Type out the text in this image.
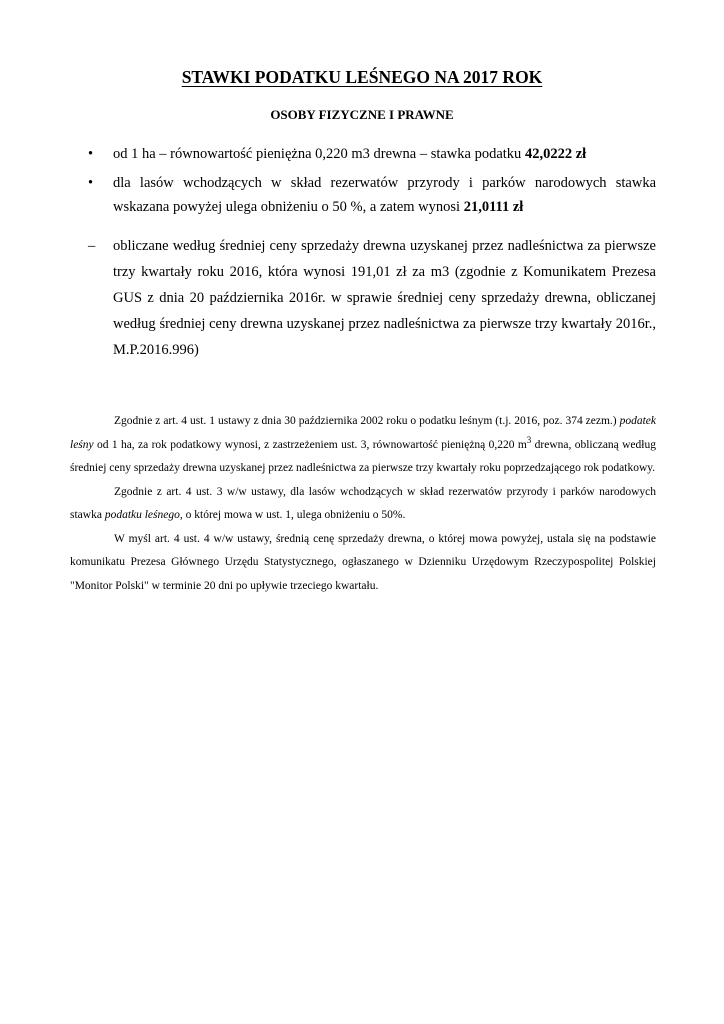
STAWKI PODATKU LEŚNEGO NA 2017 ROK
OSOBY FIZYCZNE I PRAWNE
• od 1 ha – równowartość pieniężna 0,220 m3 drewna – stawka podatku 42,0222 zł
• dla lasów wchodzących w skład rezerwatów przyrody i parków narodowych stawka wskazana powyżej ulega obniżeniu o 50 %, a zatem wynosi 21,0111 zł
–	obliczane według średniej ceny sprzedaży drewna uzyskanej przez nadleśnictwa za pierwsze trzy kwartały roku 2016, która wynosi 191,01 zł za m3 (zgodnie z Komunikatem Prezesa GUS z dnia 20 października 2016r. w sprawie średniej ceny sprzedaży drewna, obliczanej według średniej ceny drewna uzyskanej przez nadleśnictwa za pierwsze trzy kwartały 2016r., M.P.2016.996)

Zgodnie z art. 4 ust. 1 ustawy z dnia 30 października 2002 roku o podatku leśnym (t.j. 2016, poz. 374 zezm.) podatek leśny od 1 ha, za rok podatkowy wynosi, z zastrzeżeniem ust. 3, równowartość pieniężną 0,220 $m^3$ drewna, obliczaną według średniej ceny sprzedaży drewna uzyskanej przez nadleśnictwa za pierwsze trzy kwartały roku poprzedzającego rok podatkowy.

Zgodnie z art. 4 ust. 3 w/w ustawy, dla lasów wchodzących w skład rezerwatów przyrody i parków narodowych stawka podatku leśnego, o której mowa w ust. 1, ulega obniżeniu o 50%.

W myśl art. 4 ust. 4 w/w ustawy, średnią cenę sprzedaży drewna, o której mowa powyżej, ustala się na podstawie komunikatu Prezesa Głównego Urzędu Statystycznego, ogłaszanego w Dzienniku Urzędowym Rzeczypospolitej Polskiej "Monitor Polski" w terminie 20 dni po upływie trzeciego kwartału.
